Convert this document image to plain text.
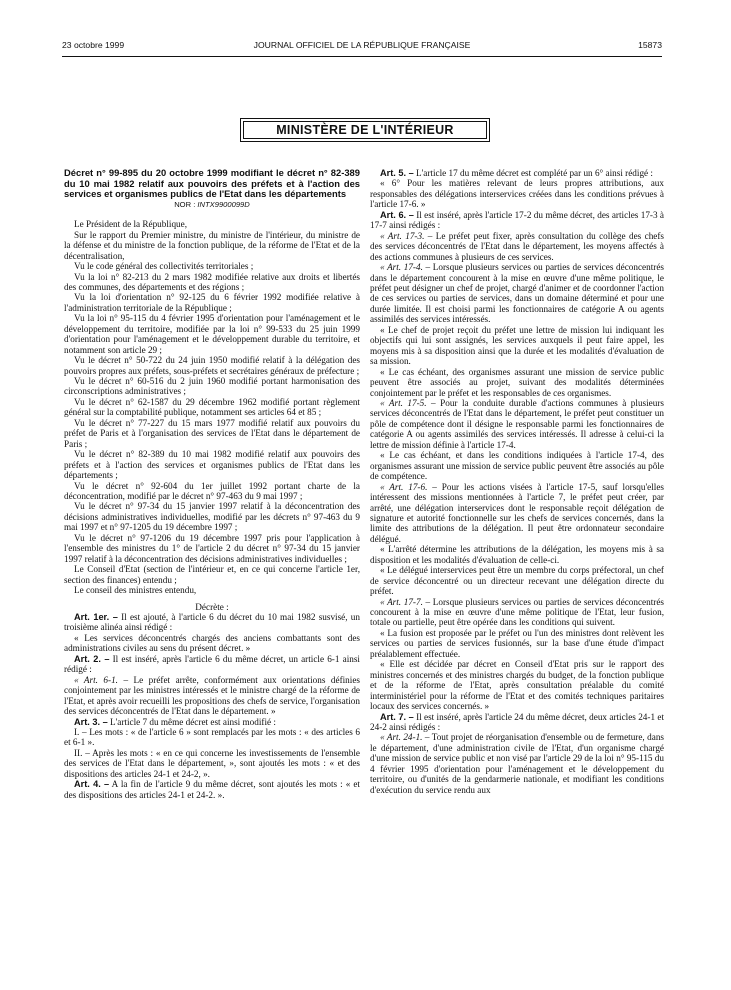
23 octobre 1999	JOURNAL OFFICIEL DE LA RÉPUBLIQUE FRANÇAISE	15873
MINISTÈRE DE L'INTÉRIEUR

Décret n° 99-895 du 20 octobre 1999 modifiant le décret n° 82-389 du 10 mai 1982 relatif aux pouvoirs des préfets et à l'action des services et organismes publics de l'Etat dans les départements

NOR : INTX9900099D

Le Président de la République,

Sur le rapport du Premier ministre, du ministre de l'intérieur, du ministre de la défense et du ministre de la fonction publique, de la réforme de l'Etat et de la décentralisation,

Vu le code général des collectivités territoriales ;

Vu la loi n° 82-213 du 2 mars 1982 modifiée relative aux droits et libertés des communes, des départements et des régions ;

Vu la loi d'orientation n° 92-125 du 6 février 1992 modifiée relative à l'administration territoriale de la République ;

Vu la loi n° 95-115 du 4 février 1995 d'orientation pour l'aménagement et le développement du territoire, modifiée par la loi n° 99-533 du 25 juin 1999 d'orientation pour l'aménagement et le développement durable du territoire, et notamment son article 29 ;

Vu le décret n° 50-722 du 24 juin 1950 modifié relatif à la délégation des pouvoirs propres aux préfets, sous-préfets et secrétaires généraux de préfecture ;

Vu le décret n° 60-516 du 2 juin 1960 modifié portant harmonisation des circonscriptions administratives ;

Vu le décret n° 62-1587 du 29 décembre 1962 modifié portant règlement général sur la comptabilité publique, notamment ses articles 64 et 85 ;

Vu le décret n° 77-227 du 15 mars 1977 modifié relatif aux pouvoirs du préfet de Paris et à l'organisation des services de l'Etat dans le département de Paris ;

Vu le décret n° 82-389 du 10 mai 1982 modifié relatif aux pouvoirs des préfets et à l'action des services et organismes publics de l'Etat dans les départements ;

Vu le décret n° 92-604 du 1er juillet 1992 portant charte de la déconcentration, modifié par le décret n° 97-463 du 9 mai 1997 ;

Vu le décret n° 97-34 du 15 janvier 1997 relatif à la déconcentration des décisions administratives individuelles, modifié par les décrets n° 97-463 du 9 mai 1997 et n° 97-1205 du 19 décembre 1997 ;

Vu le décret n° 97-1206 du 19 décembre 1997 pris pour l'application à l'ensemble des ministres du 1° de l'article 2 du décret n° 97-34 du 15 janvier 1997 relatif à la déconcentration des décisions administratives individuelles ;

Le Conseil d'Etat (section de l'intérieur et, en ce qui concerne l'article 1er, section des finances) entendu ;

Le conseil des ministres entendu,

Décrète :

Art. 1er. – Il est ajouté, à l'article 6 du décret du 10 mai 1982 susvisé, un troisième alinéa ainsi rédigé :

« Les services déconcentrés chargés des anciens combattants sont des administrations civiles au sens du présent décret. »

Art. 2. – Il est inséré, après l'article 6 du même décret, un article 6-1 ainsi rédigé :

« Art. 6-1. – Le préfet arrête, conformément aux orientations définies conjointement par les ministres intéressés et le ministre chargé de la réforme de l'Etat, et après avoir recueilli les propositions des chefs de service, l'organisation des services déconcentrés de l'Etat dans le département. »

Art. 3. – L'article 7 du même décret est ainsi modifié :

I. – Les mots : « de l'article 6 » sont remplacés par les mots : « des articles 6 et 6-1 ».

II. – Après les mots : « en ce qui concerne les investissements de l'ensemble des services de l'Etat dans le département, », sont ajoutés les mots : « et des dispositions des articles 24-1 et 24-2, ».

Art. 4. – A la fin de l'article 9 du même décret, sont ajoutés les mots : « et des dispositions des articles 24-1 et 24-2. ».

Art. 5. – L'article 17 du même décret est complété par un 6° ainsi rédigé :

« 6° Pour les matières relevant de leurs propres attributions, aux responsables des délégations interservices créées dans les conditions prévues à l'article 17-6. »

Art. 6. – Il est inséré, après l'article 17-2 du même décret, des articles 17-3 à 17-7 ainsi rédigés :

« Art. 17-3. – Le préfet peut fixer, après consultation du collège des chefs des services déconcentrés de l'Etat dans le département, les moyens affectés à des actions communes à plusieurs de ces services.

« Art. 17-4. – Lorsque plusieurs services ou parties de services déconcentrés dans le département concourent à la mise en œuvre d'une même politique, le préfet peut désigner un chef de projet, chargé d'animer et de coordonner l'action de ces services ou parties de services, dans un domaine déterminé et pour une durée limitée. Il est choisi parmi les fonctionnaires de catégorie A ou agents assimilés des services intéressés.

« Le chef de projet reçoit du préfet une lettre de mission lui indiquant les objectifs qui lui sont assignés, les services auxquels il peut faire appel, les moyens mis à sa disposition ainsi que la durée et les modalités d'évaluation de sa mission.

« Le cas échéant, des organismes assurant une mission de service public peuvent être associés au projet, suivant des modalités déterminées conjointement par le préfet et les responsables de ces organismes.

« Art. 17-5. – Pour la conduite durable d'actions communes à plusieurs services déconcentrés de l'Etat dans le département, le préfet peut constituer un pôle de compétence dont il désigne le responsable parmi les fonctionnaires de catégorie A ou agents assimilés des services intéressés. Il adresse à celui-ci la lettre de mission définie à l'article 17-4.

« Le cas échéant, et dans les conditions indiquées à l'article 17-4, des organismes assurant une mission de service public peuvent être associés au pôle de compétence.

« Art. 17-6. – Pour les actions visées à l'article 17-5, sauf lorsqu'elles intéressent des missions mentionnées à l'article 7, le préfet peut créer, par arrêté, une délégation interservices dont le responsable reçoit délégation de signature et autorité fonctionnelle sur les chefs de services concernés, dans la limite des attributions de la délégation. Il peut être ordonnateur secondaire délégué.

« L'arrêté détermine les attributions de la délégation, les moyens mis à sa disposition et les modalités d'évaluation de celle-ci.

« Le délégué interservices peut être un membre du corps préfectoral, un chef de service déconcentré ou un directeur recevant une délégation directe du préfet.

« Art. 17-7. – Lorsque plusieurs services ou parties de services déconcentrés concourent à la mise en œuvre d'une même politique de l'Etat, leur fusion, totale ou partielle, peut être opérée dans les conditions qui suivent.

« La fusion est proposée par le préfet ou l'un des ministres dont relèvent les services ou parties de services fusionnés, sur la base d'une étude d'impact préalablement effectuée.

« Elle est décidée par décret en Conseil d'Etat pris sur le rapport des ministres concernés et des ministres chargés du budget, de la fonction publique et de la réforme de l'Etat, après consultation préalable du comité interministériel pour la réforme de l'Etat et des comités techniques paritaires locaux des services concernés. »

Art. 7. – Il est inséré, après l'article 24 du même décret, deux articles 24-1 et 24-2 ainsi rédigés :

« Art. 24-1. – Tout projet de réorganisation d'ensemble ou de fermeture, dans le département, d'une administration civile de l'Etat, d'un organisme chargé d'une mission de service public et non visé par l'article 29 de la loi n° 95-115 du 4 février 1995 d'orientation pour l'aménagement et le développement du territoire, ou d'unités de la gendarmerie nationale, et modifiant les conditions d'exécution du service rendu aux
